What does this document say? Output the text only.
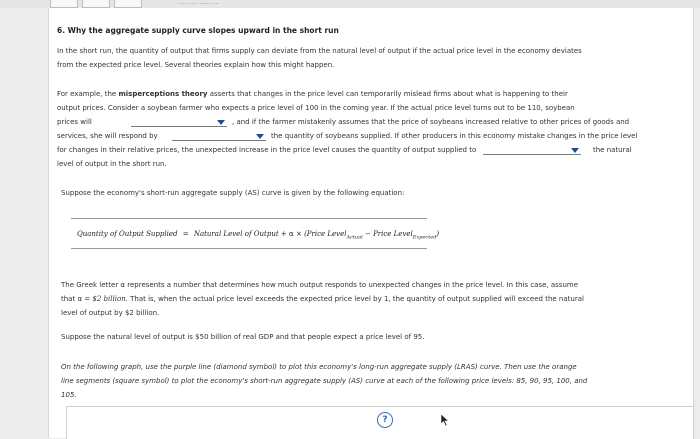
...... ..... ....... ...
6. Why the aggregate supply curve slopes upward in the short run
In the short run, the quantity of output that firms supply can deviate from the natural level of output if the actual price level in the economy deviates
from the expected price level. Several theories explain how this might happen.
For example, the misperceptions theory asserts that changes in the price level can temporarily mislead firms about what is happening to their
output prices. Consider a soybean farmer who expects a price level of 100 in the coming year. If the actual price level turns out to be 110, soybean
prices will	, and if the farmer mistakenly assumes that the price of soybeans increased relative to other prices of goods and
services, she will respond by	the quantity of soybeans supplied. If other producers in this economy mistake changes in the price level
for changes in their relative prices, the unexpected increase in the price level causes the quantity of output supplied to	the natural
level of output in the short run.
Suppose the economy's short-run aggregate supply (AS) curve is given by the following equation:
Quantity of Output Supplied = Natural Level of Output + α × (Price Level$_{Actual}$ − Price Level$_{Expected}$)
The Greek letter α represents a number that determines how much output responds to unexpected changes in the price level. In this case, assume
that α = $2 billion. That is, when the actual price level exceeds the expected price level by 1, the quantity of output supplied will exceed the natural
level of output by $2 billion.
Suppose the natural level of output is $50 billion of real GDP and that people expect a price level of 95.
On the following graph, use the purple line (diamond symbol) to plot this economy's long-run aggregate supply (LRAS) curve. Then use the orange
line segments (square symbol) to plot the economy's short-run aggregate supply (AS) curve at each of the following price levels: 85, 90, 95, 100, and
105.
?
